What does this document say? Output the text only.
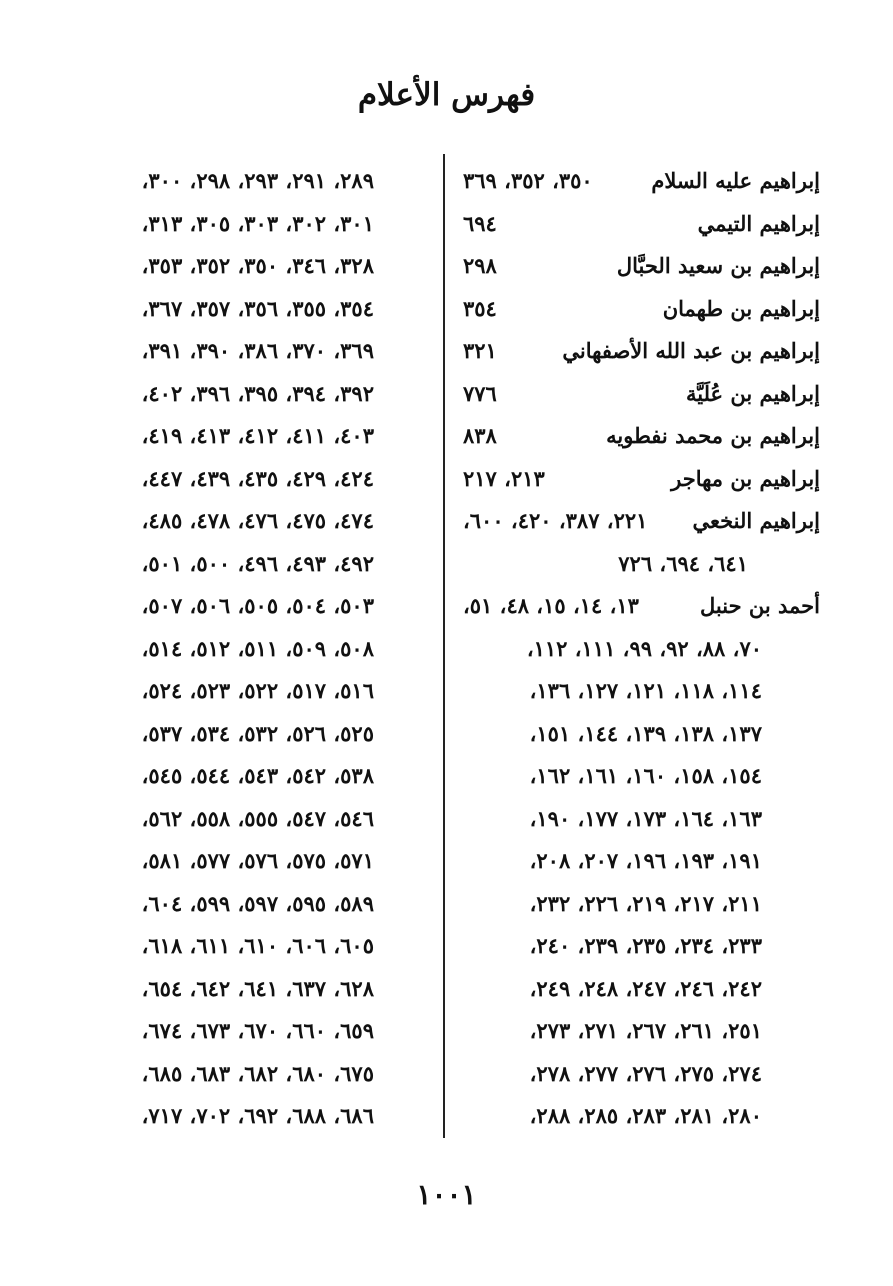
فهرس الأعلام
إبراهيم عليه السلام
٣٥٠، ٣٥٢، ٣٦٩
إبراهيم التيمي
٦٩٤
إبراهيم بن سعيد الحبَّال
٢٩٨
إبراهيم بن طهمان
٣٥٤
إبراهيم بن عبد الله الأصفهاني
٣٢١
إبراهيم بن عُلَيَّة
٧٧٦
إبراهيم بن محمد نفطويه
٨٣٨
إبراهيم بن مهاجر
٢١٣، ٢١٧
إبراهيم النخعي
٢٢١، ٣٨٧، ٤٢٠، ٦٠٠،
٦٤١، ٦٩٤، ٧٢٦
أحمد بن حنبل
١٣، ١٤، ١٥، ٤٨، ٥١،
٧٠، ٨٨، ٩٢، ٩٩، ١١١، ١١٢،
١١٤، ١١٨، ١٢١، ١٢٧، ١٣٦،
١٣٧، ١٣٨، ١٣٩، ١٤٤، ١٥١،
١٥٤، ١٥٨، ١٦٠، ١٦١، ١٦٢،
١٦٣، ١٦٤، ١٧٣، ١٧٧، ١٩٠،
١٩١، ١٩٣، ١٩٦، ٢٠٧، ٢٠٨،
٢١١، ٢١٧، ٢١٩، ٢٢٦، ٢٣٢،
٢٣٣، ٢٣٤، ٢٣٥، ٢٣٩، ٢٤٠،
٢٤٢، ٢٤٦، ٢٤٧، ٢٤٨، ٢٤٩،
٢٥١، ٢٦١، ٢٦٧، ٢٧١، ٢٧٣،
٢٧٤، ٢٧٥، ٢٧٦، ٢٧٧، ٢٧٨،
٢٨٠، ٢٨١، ٢٨٣، ٢٨٥، ٢٨٨،
٢٨٩، ٢٩١، ٢٩٣، ٢٩٨، ٣٠٠،
٣٠١، ٣٠٢، ٣٠٣، ٣٠٥، ٣١٣،
٣٢٨، ٣٤٦، ٣٥٠، ٣٥٢، ٣٥٣،
٣٥٤، ٣٥٥، ٣٥٦، ٣٥٧، ٣٦٧،
٣٦٩، ٣٧٠، ٣٨٦، ٣٩٠، ٣٩١،
٣٩٢، ٣٩٤، ٣٩٥، ٣٩٦، ٤٠٢،
٤٠٣، ٤١١، ٤١٢، ٤١٣، ٤١٩،
٤٢٤، ٤٢٩، ٤٣٥، ٤٣٩، ٤٤٧،
٤٧٤، ٤٧٥، ٤٧٦، ٤٧٨، ٤٨٥،
٤٩٢، ٤٩٣، ٤٩٦، ٥٠٠، ٥٠١،
٥٠٣، ٥٠٤، ٥٠٥، ٥٠٦، ٥٠٧،
٥٠٨، ٥٠٩، ٥١١، ٥١٢، ٥١٤،
٥١٦، ٥١٧، ٥٢٢، ٥٢٣، ٥٢٤،
٥٢٥، ٥٢٦، ٥٣٢، ٥٣٤، ٥٣٧،
٥٣٨، ٥٤٢، ٥٤٣، ٥٤٤، ٥٤٥،
٥٤٦، ٥٤٧، ٥٥٥، ٥٥٨، ٥٦٢،
٥٧١، ٥٧٥، ٥٧٦، ٥٧٧، ٥٨١،
٥٨٩، ٥٩٥، ٥٩٧، ٥٩٩، ٦٠٤،
٦٠٥، ٦٠٦، ٦١٠، ٦١١، ٦١٨،
٦٢٨، ٦٣٧، ٦٤١، ٦٤٢، ٦٥٤،
٦٥٩، ٦٦٠، ٦٧٠، ٦٧٣، ٦٧٤،
٦٧٥، ٦٨٠، ٦٨٢، ٦٨٣، ٦٨٥،
٦٨٦، ٦٨٨، ٦٩٢، ٧٠٢، ٧١٧،
١٠٠١
